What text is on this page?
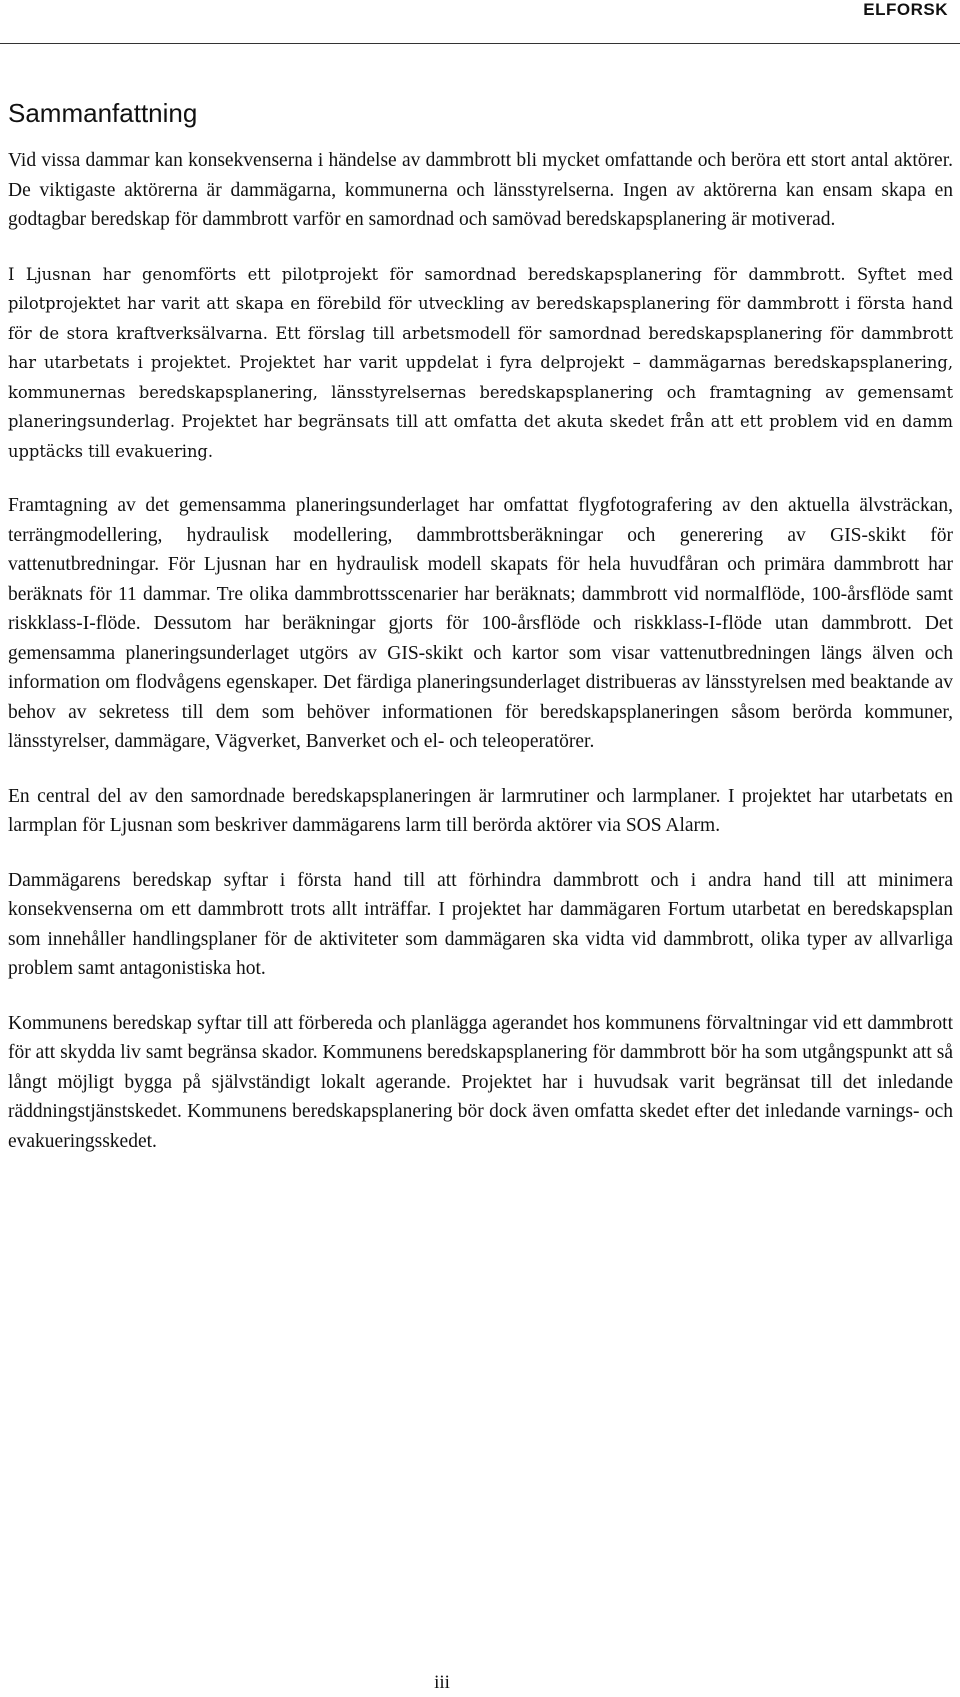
ELFORSK
Sammanfattning

Vid vissa dammar kan konsekvenserna i händelse av dammbrott bli mycket omfattande och beröra ett stort antal aktörer. De viktigaste aktörerna är dammägarna, kommunerna och länsstyrelserna. Ingen av aktörerna kan ensam skapa en godtagbar beredskap för dammbrott varför en samordnad och samövad beredskapsplanering är motiverad.

I Ljusnan har genomförts ett pilotprojekt för samordnad beredskapsplanering för dammbrott. Syftet med pilotprojektet har varit att skapa en förebild för utveckling av beredskapsplanering för dammbrott i första hand för de stora kraftverksälvarna. Ett förslag till arbetsmodell för samordnad beredskapsplanering för dammbrott har utarbetats i projektet. Projektet har varit uppdelat i fyra delprojekt – dammägarnas beredskapsplanering, kommunernas beredskapsplanering, länsstyrelsernas beredskapsplanering och framtagning av gemensamt planeringsunderlag. Projektet har begränsats till att omfatta det akuta skedet från att ett problem vid en damm upptäcks till evakuering.

Framtagning av det gemensamma planeringsunderlaget har omfattat flygfotografering av den aktuella älvsträckan, terrängmodellering, hydraulisk modellering, dammbrottsberäkningar och generering av GIS-skikt för vattenutbredningar. För Ljusnan har en hydraulisk modell skapats för hela huvudfåran och primära dammbrott har beräknats för 11 dammar. Tre olika dammbrottsscenarier har beräknats; dammbrott vid normalflöde, 100-årsflöde samt riskklass-I-flöde. Dessutom har beräkningar gjorts för 100-årsflöde och riskklass-I-flöde utan dammbrott. Det gemensamma planeringsunderlaget utgörs av GIS-skikt och kartor som visar vattenutbredningen längs älven och information om flodvågens egenskaper. Det färdiga planeringsunderlaget distribueras av länsstyrelsen med beaktande av behov av sekretess till dem som behöver informationen för beredskapsplaneringen såsom berörda kommuner, länsstyrelser, dammägare, Vägverket, Banverket och el- och teleoperatörer.

En central del av den samordnade beredskapsplaneringen är larmrutiner och larmplaner. I projektet har utarbetats en larmplan för Ljusnan som beskriver dammägarens larm till berörda aktörer via SOS Alarm.

Dammägarens beredskap syftar i första hand till att förhindra dammbrott och i andra hand till att minimera konsekvenserna om ett dammbrott trots allt inträffar. I projektet har dammägaren Fortum utarbetat en beredskapsplan som innehåller handlingsplaner för de aktiviteter som dammägaren ska vidta vid dammbrott, olika typer av allvarliga problem samt antagonistiska hot.

Kommunens beredskap syftar till att förbereda och planlägga agerandet hos kommunens förvaltningar vid ett dammbrott för att skydda liv samt begränsa skador. Kommunens beredskapsplanering för dammbrott bör ha som utgångspunkt att så långt möjligt bygga på självständigt lokalt agerande. Projektet har i huvudsak varit begränsat till det inledande räddningstjänstskedet. Kommunens beredskapsplanering bör dock även omfatta skedet efter det inledande varnings- och evakueringsskedet.

iii
